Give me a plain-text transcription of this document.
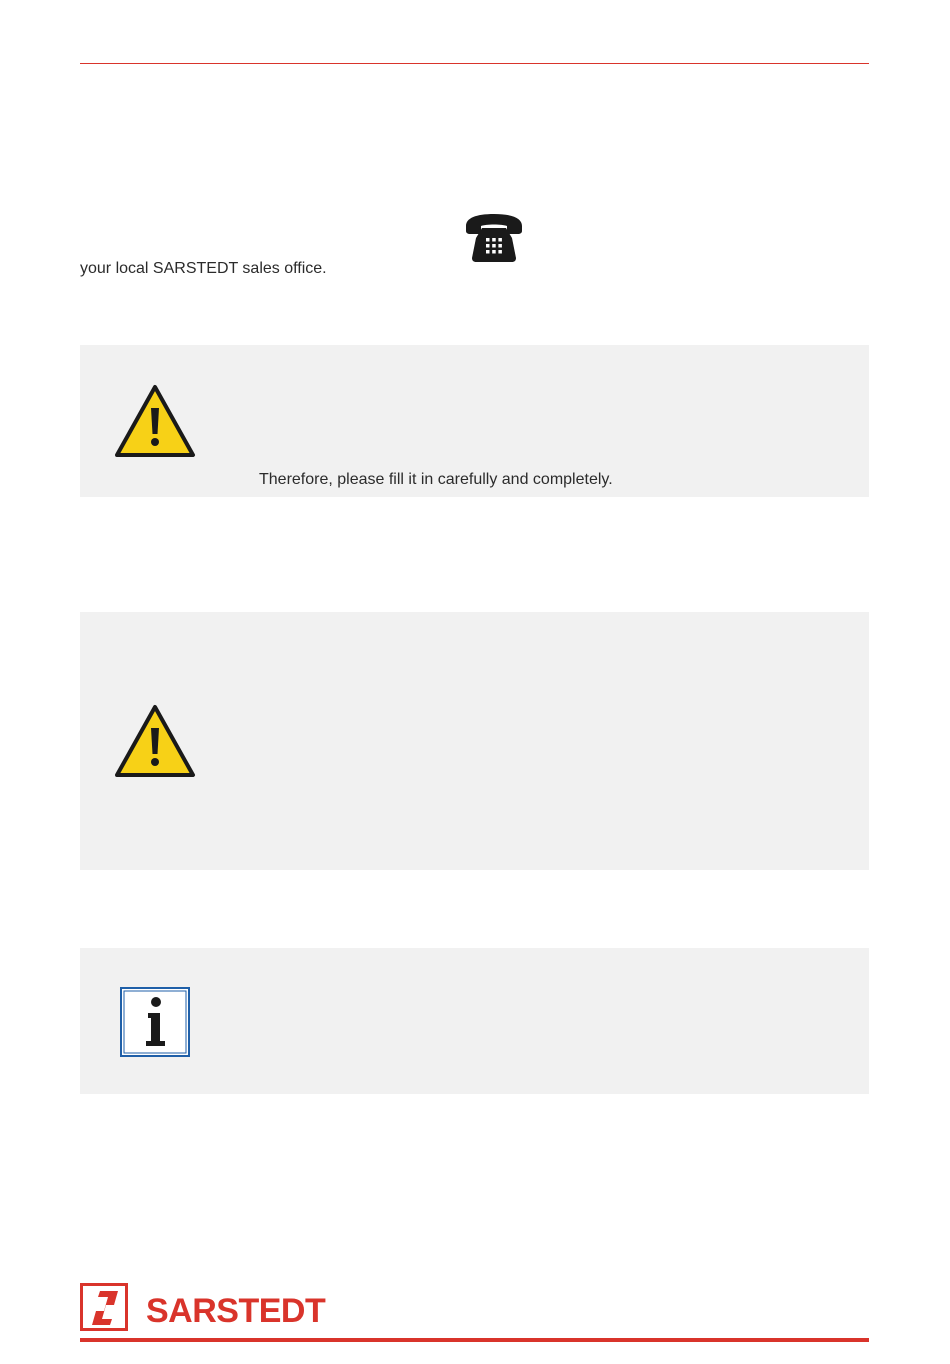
your local SARSTEDT sales office.
Therefore, please fill it in carefully and completely.
SARSTEDT
